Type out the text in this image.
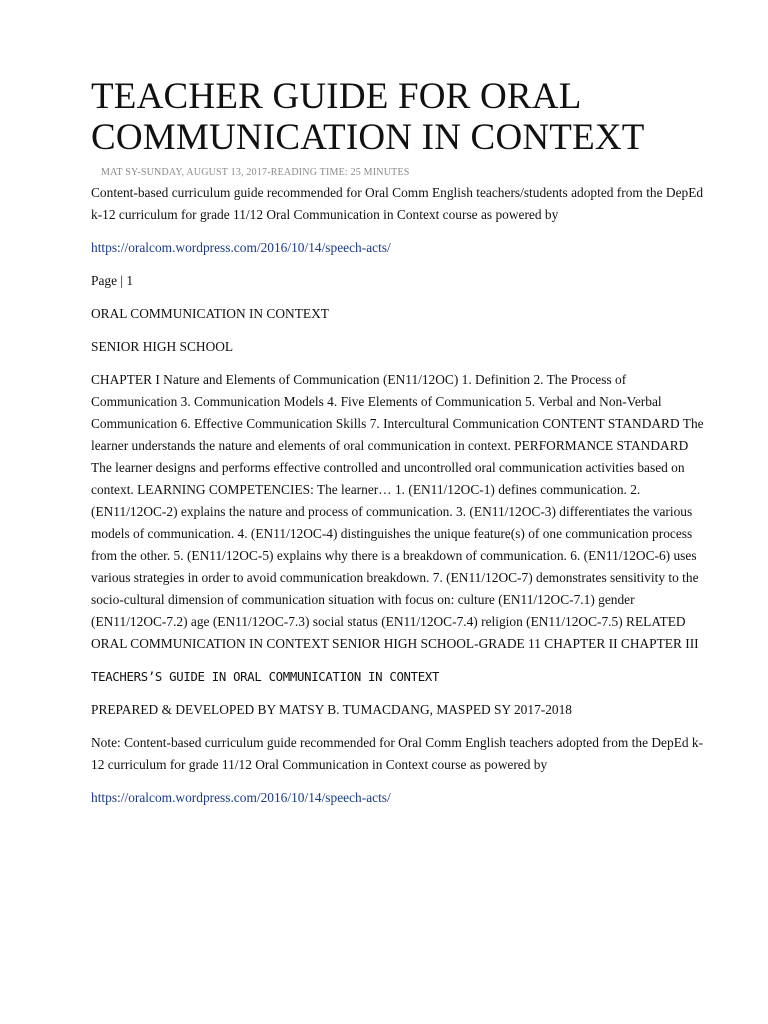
TEACHER GUIDE FOR ORAL
COMMUNICATION IN CONTEXT
MAT SY-SUNDAY, AUGUST 13, 2017-READING TIME: 25 MINUTES

Content-based curriculum guide recommended for Oral Comm English teachers/students adopted from the DepEd k-12 curriculum for grade 11/12 Oral Communication in Context course as powered by

https://oralcom.wordpress.com/2016/10/14/speech-acts/

Page | 1

ORAL COMMUNICATION IN CONTEXT

SENIOR HIGH SCHOOL

CHAPTER I Nature and Elements of Communication (EN11/12OC) 1. Definition 2. The Process of Communication 3. Communication Models 4. Five Elements of Communication 5. Verbal and Non-Verbal Communication 6. Effective Communication Skills 7. Intercultural Communication CONTENT STANDARD The learner understands the nature and elements of oral communication in context. PERFORMANCE STANDARD The learner designs and performs effective controlled and uncontrolled oral communication activities based on context. LEARNING COMPETENCIES: The learner… 1. (EN11/12OC-1) defines communication. 2. (EN11/12OC-2) explains the nature and process of communication. 3. (EN11/12OC-3) differentiates the various models of communication. 4. (EN11/12OC-4) distinguishes the unique feature(s) of one communication process from the other. 5. (EN11/12OC-5) explains why there is a breakdown of communication. 6. (EN11/12OC-6) uses various strategies in order to avoid communication breakdown. 7. (EN11/12OC-7) demonstrates sensitivity to the socio-cultural dimension of communication situation with focus on: culture (EN11/12OC-7.1) gender (EN11/12OC-7.2) age (EN11/12OC-7.3) social status (EN11/12OC-7.4) religion (EN11/12OC-7.5) RELATED ORAL COMMUNICATION IN CONTEXT SENIOR HIGH SCHOOL-GRADE 11 CHAPTER II CHAPTER III

TEACHERS’S GUIDE IN ORAL COMMUNICATION IN CONTEXT

PREPARED & DEVELOPED BY MATSY B. TUMACDANG, MASPED SY 2017-2018

Note: Content-based curriculum guide recommended for Oral Comm English teachers adopted from the DepEd k-12 curriculum for grade 11/12 Oral Communication in Context course as powered by

https://oralcom.wordpress.com/2016/10/14/speech-acts/
